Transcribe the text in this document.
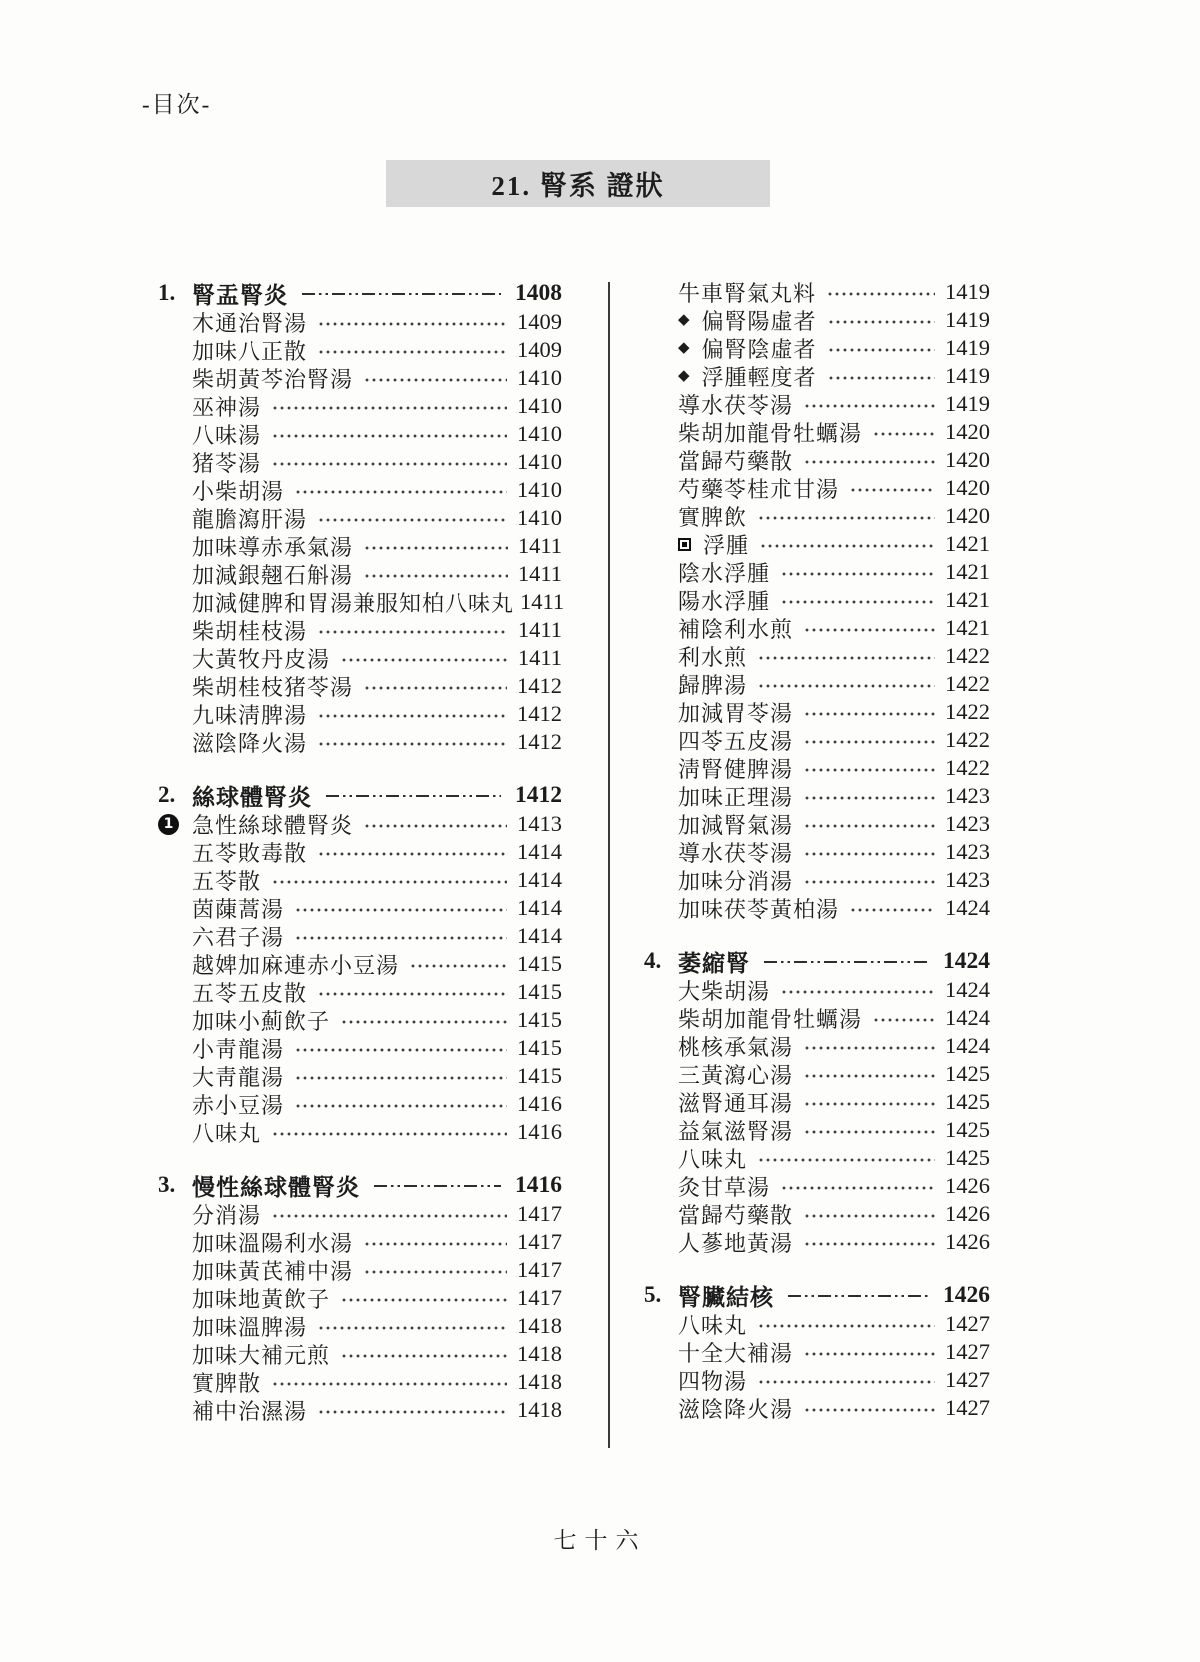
-目次-
21. 腎系 證狀
1. 腎盂腎炎	1408
木通治腎湯	1409
加味八正散	1409
柴胡黃芩治腎湯	1410
巫神湯	1410
八味湯	1410
猪苓湯	1410
小柴胡湯	1410
龍膽瀉肝湯	1410
加味導赤承氣湯	1411
加減銀翹石斛湯	1411
加減健脾和胃湯兼服知柏八味丸 1411
柴胡桂枝湯	1411
大黃牧丹皮湯	1411
柴胡桂枝猪苓湯	1412
九味淸脾湯	1412
滋陰降火湯	1412
2. 絲球體腎炎	1412
1 急性絲球體腎炎	1413
五苓敗毒散	1414
五苓散	1414
茵蔯蒿湯	1414
六君子湯	1414
越婢加麻連赤小豆湯	1415
五苓五皮散	1415
加味小薊飲子	1415
小靑龍湯	1415
大靑龍湯	1415
赤小豆湯	1416
八味丸	1416
3. 慢性絲球體腎炎	1416
分消湯	1417
加味溫陽利水湯	1417
加味黃芪補中湯	1417
加味地黃飲子	1417
加味溫脾湯	1418
加味大補元煎	1418
實脾散	1418
補中治濕湯	1418
牛車腎氣丸料	1419
◆ 偏腎陽虛者	1419
◆ 偏腎陰虛者	1419
◆ 浮腫輕度者	1419
導水茯苓湯	1419
柴胡加龍骨牡蠣湯	1420
當歸芍藥散	1420
芍藥苓桂朮甘湯	1420
實脾飲	1420
浮腫	1421
陰水浮腫	1421
陽水浮腫	1421
補陰利水煎	1421
利水煎	1422
歸脾湯	1422
加減胃苓湯	1422
四苓五皮湯	1422
淸腎健脾湯	1422
加味正理湯	1423
加減腎氣湯	1423
導水茯苓湯	1423
加味分消湯	1423
加味茯苓黃柏湯	1424
4. 萎縮腎	1424
大柴胡湯	1424
柴胡加龍骨牡蠣湯	1424
桃核承氣湯	1424
三黃瀉心湯	1425
滋腎通耳湯	1425
益氣滋腎湯	1425
八味丸	1425
灸甘草湯	1426
當歸芍藥散	1426
人蔘地黃湯	1426
5. 腎臟結核	1426
八味丸	1427
十全大補湯	1427
四物湯	1427
滋陰降火湯	1427
七十六
